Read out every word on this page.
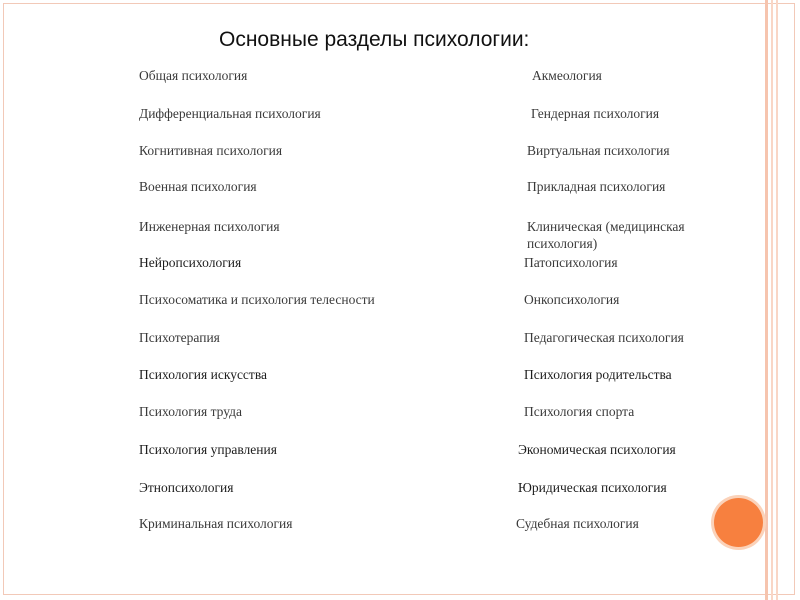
Основные разделы психологии:
Общая психология
Дифференциальная психология
Когнитивная психология
Военная психология
Инженерная психология
Нейропсихология
Психосоматика и психология телесности
Психотерапия
Психология искусства
Психология труда
Психология управления
Этнопсихология
Криминальная психология
Акмеология
Гендерная психология
Виртуальная психология
Прикладная психология
Клиническая (медицинская психология)
Патопсихология
Онкопсихология
Педагогическая психология
Психология родительства
Психология спорта
Экономическая психология
Юридическая психология
Судебная психология
